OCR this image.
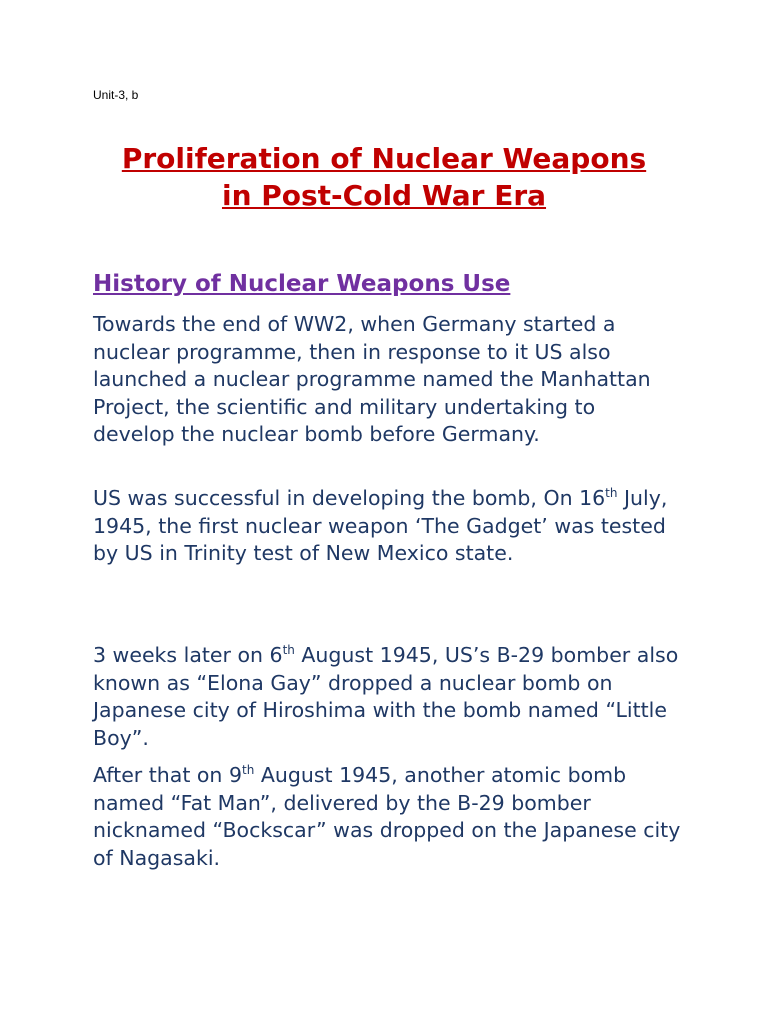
Unit-3, b
Proliferation of Nuclear Weapons
in Post-Cold War Era
History of Nuclear Weapons Use

Towards the end of WW2, when Germany started a nuclear programme, then in response to it US also launched a nuclear programme named the Manhattan Project, the scientific and military undertaking to develop the nuclear bomb before Germany.

US was successful in developing the bomb, On 16th July, 1945, the first nuclear weapon ‘The Gadget’ was tested by US in Trinity test of New Mexico state.

3 weeks later on 6th August 1945, US’s B-29 bomber also known as “Elona Gay” dropped a nuclear bomb on Japanese city of Hiroshima with the bomb named “Little Boy”.

After that on 9th August 1945, another atomic bomb named “Fat Man”, delivered by the B-29 bomber nicknamed “Bockscar” was dropped on the Japanese city of Nagasaki.
